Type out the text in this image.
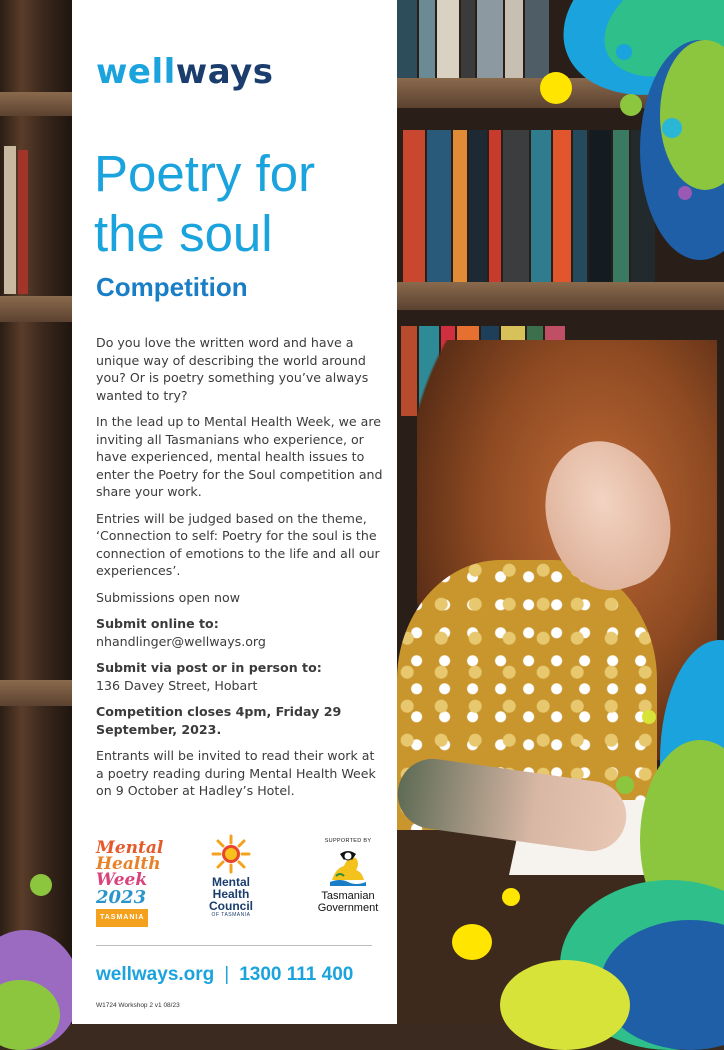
wellways
Poetry for
the soul
Competition

Do you love the written word and have a unique way of describing the world around you? Or is poetry something you’ve always wanted to try?

In the lead up to Mental Health Week, we are inviting all Tasmanians who experience, or have experienced, mental health issues to enter the Poetry for the Soul competition and share your work.

Entries will be judged based on the theme, ‘Connection to self: Poetry for the soul is the connection of emotions to the life and all our experiences’.

Submissions open now

Submit online to:
nhandlinger@wellways.org

Submit via post or in person to:
136 Davey Street, Hobart

Competition closes 4pm, Friday 29 September, 2023.

Entrants will be invited to read their work at a poetry reading during Mental Health Week on 9 October at Hadley’s Hotel.

Mental
Health
Week
2023
TASMANIA
Mental
Health
Council
OF TASMANIA
SUPPORTED BY
Tasmanian
Government
wellways.org | 1300 111 400
W1724 Workshop 2 v1 08/23
